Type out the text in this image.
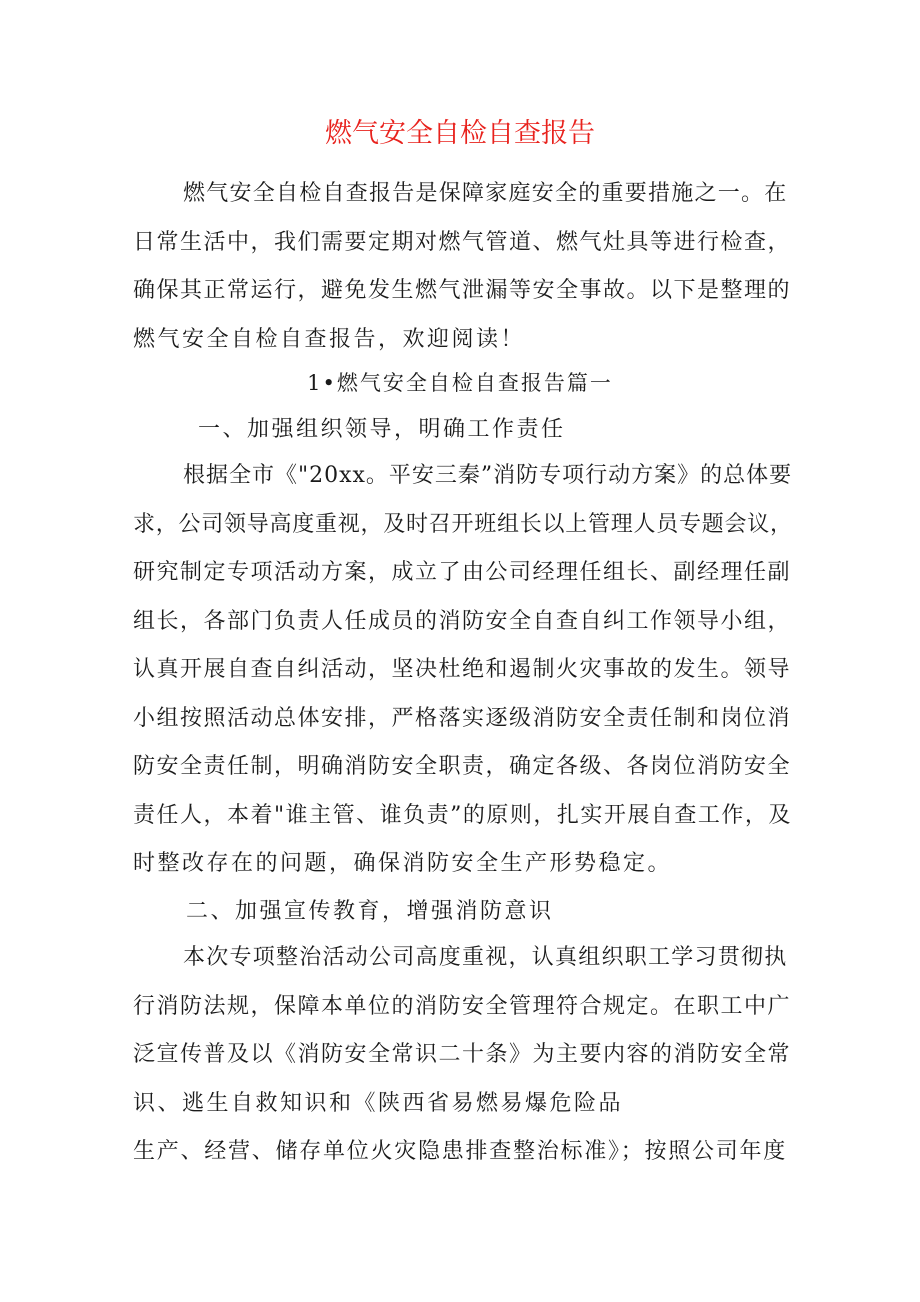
燃气安全自检自查报告
燃气安全自检自查报告是保障家庭安全的重要措施之一。在
日常生活中，我们需要定期对燃气管道、燃气灶具等进行检查，
确保其正常运行，避免发生燃气泄漏等安全事故。以下是整理的
燃气安全自检自查报告，欢迎阅读！
1•燃气安全自检自查报告篇一
一、加强组织领导，明确工作责任
根据全市《"20xx。平安三秦”消防专项行动方案》的总体要
求，公司领导高度重视，及时召开班组长以上管理人员专题会议，
研究制定专项活动方案，成立了由公司经理任组长、副经理任副
组长，各部门负责人任成员的消防安全自查自纠工作领导小组，
认真开展自查自纠活动，坚决杜绝和遏制火灾事故的发生。领导
小组按照活动总体安排，严格落实逐级消防安全责任制和岗位消
防安全责任制，明确消防安全职责，确定各级、各岗位消防安全
责任人，本着"谁主管、谁负责”的原则，扎实开展自查工作，及
时整改存在的问题，确保消防安全生产形势稳定。
二、加强宣传教育，增强消防意识
本次专项整治活动公司高度重视，认真组织职工学习贯彻执
行消防法规，保障本单位的消防安全管理符合规定。在职工中广
泛宣传普及以《消防安全常识二十条》为主要内容的消防安全常
识、逃生自救知识和《陕西省易燃易爆危险品
生产、经营、储存单位火灾隐患排查整治标准》；按照公司年度
